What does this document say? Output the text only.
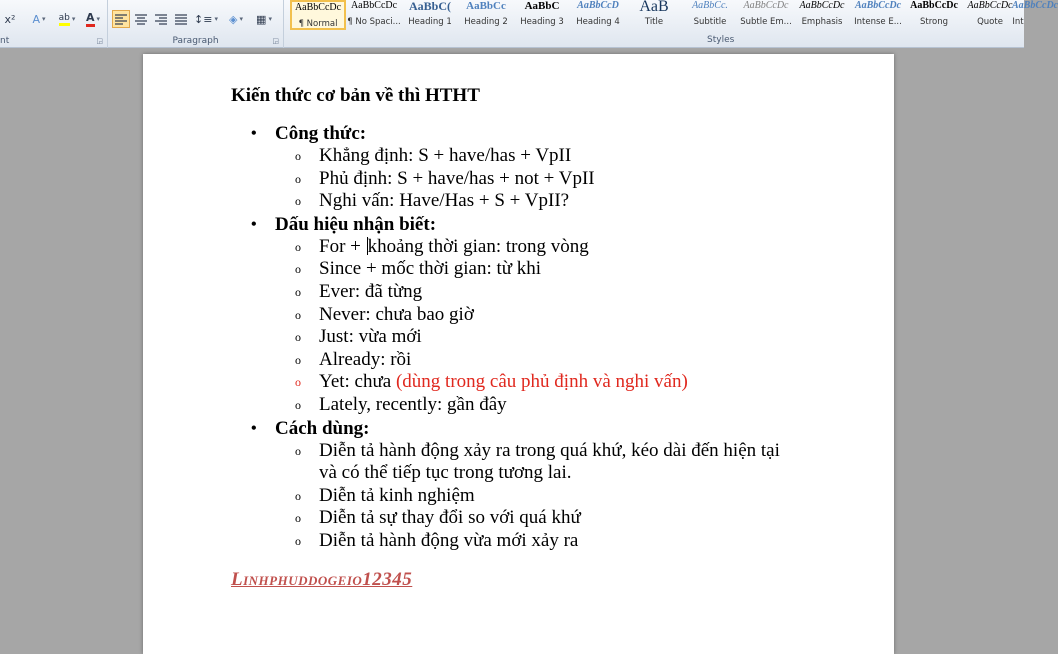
x² A ▾ ab ▾ A ▾
nt	◲
↕≡ ▾ ◈ ▾ ▦ ▾
Paragraph	◲
AaBbCcDc
¶ Normal
AaBbCcDc
¶ No Spaci...
AaBbC(
Heading 1
AaBbCc
Heading 2
AaBbC
Heading 3
AaBbCcD
Heading 4
AaB
Title
AaBbCc.
Subtitle
AaBbCcDc
Subtle Em...
AaBbCcDc
Emphasis
AaBbCcDc
Intense E...
AaBbCcDc
Strong
AaBbCcDc
Quote
AaBbCcDc
Int
Styles
Kiến thức cơ bản về thì HTHT
• Công thức:
o Khẳng định: S + have/has + VpII
o Phủ định: S + have/has + not + VpII
o Nghi vấn: Have/Has + S + VpII?
• Dấu hiệu nhận biết:
o For + khoảng thời gian: trong vòng
o Since + mốc thời gian: từ khi
o Ever: đã từng
o Never: chưa bao giờ
o Just: vừa mới
o Already: rồi
o Yet: chưa (dùng trong câu phủ định và nghi vấn)
o Lately, recently: gần đây
• Cách dùng:
o Diễn tả hành động xảy ra trong quá khứ, kéo dài đến hiện tại
và có thể tiếp tục trong tương lai.
o Diễn tả kinh nghiệm
o Diễn tả sự thay đổi so với quá khứ
o Diễn tả hành động vừa mới xảy ra
Linhphuddogeio12345
